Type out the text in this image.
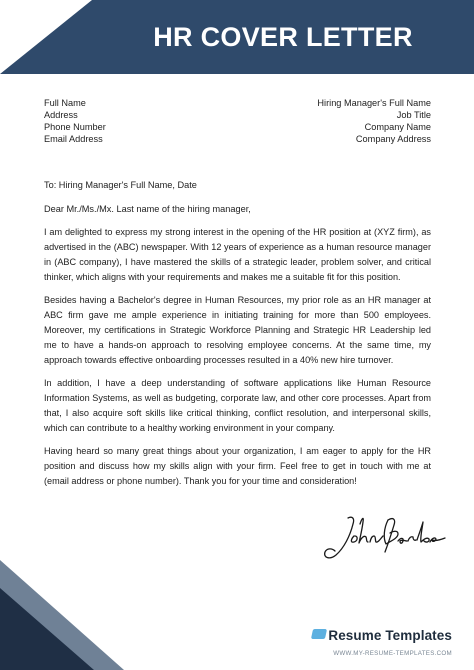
HR COVER LETTER
Full Name
Address
Phone Number
Email Address
Hiring Manager's Full Name
Job Title
Company Name
Company Address
To: Hiring Manager's Full Name, Date
Dear Mr./Ms./Mx. Last name of the hiring manager,

I am delighted to express my strong interest in the opening of the HR position at (XYZ firm), as advertised in the (ABC) newspaper. With 12 years of experience as a human resource manager in (ABC company), I have mastered the skills of a strategic leader, problem solver, and critical thinker, which aligns with your requirements and makes me a suitable fit for this position.

Besides having a Bachelor's degree in Human Resources, my prior role as an HR manager at ABC firm gave me ample experience in initiating training for more than 500 employees. Moreover, my certifications in Strategic Workforce Planning and Strategic HR Leadership led me to have a hands-on approach to resolving employee concerns. At the same time, my approach towards effective onboarding processes resulted in a 40% new hire turnover.

In addition, I have a deep understanding of software applications like Human Resource Information Systems, as well as budgeting, corporate law, and other core processes. Apart from that, I also acquire soft skills like critical thinking, conflict resolution, and interpersonal skills, which can contribute to a healthy working environment in your company.

Having heard so many great things about your organization, I am eager to apply for the HR position and discuss how my skills align with your firm. Feel free to get in touch with me at (email address or phone number). Thank you for your time and consideration!

Resume Templates
WWW.MY-RESUME-TEMPLATES.COM
